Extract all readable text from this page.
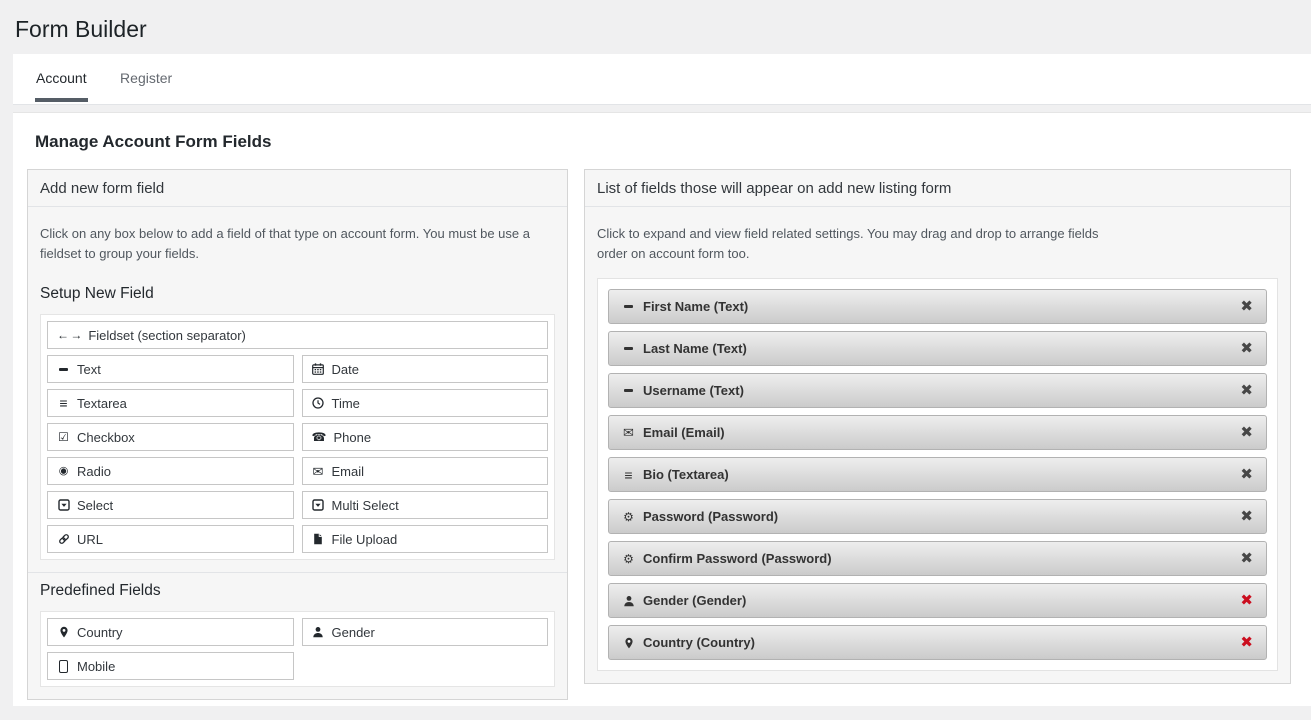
Form Builder
Account Register
Manage Account Form Fields
Add new form field

Click on any box below to add a field of that type on account form. You must be use a fieldset to group your fields.

Setup New Field
← →
Fieldset (section separator)
Text	Date
≡
Textarea	Time
☑
Checkbox ☎	Phone
◉
Radio ✉	Email
Select	Multi Select
URL	File Upload
Predefined Fields
Country	Gender
Mobile
List of fields those will appear on add new listing form

Click to expand and view field related settings. You may drag and drop to arrange fields order on account form too.

First Name (Text)
✖
Last Name (Text)
✖
Username (Text)
✖
✉
Email (Email)
✖
≡
Bio (Textarea)
✖
⚙
Password (Password)
✖
⚙
Confirm Password (Password)
✖
Gender (Gender)
✖
Country (Country)
✖
